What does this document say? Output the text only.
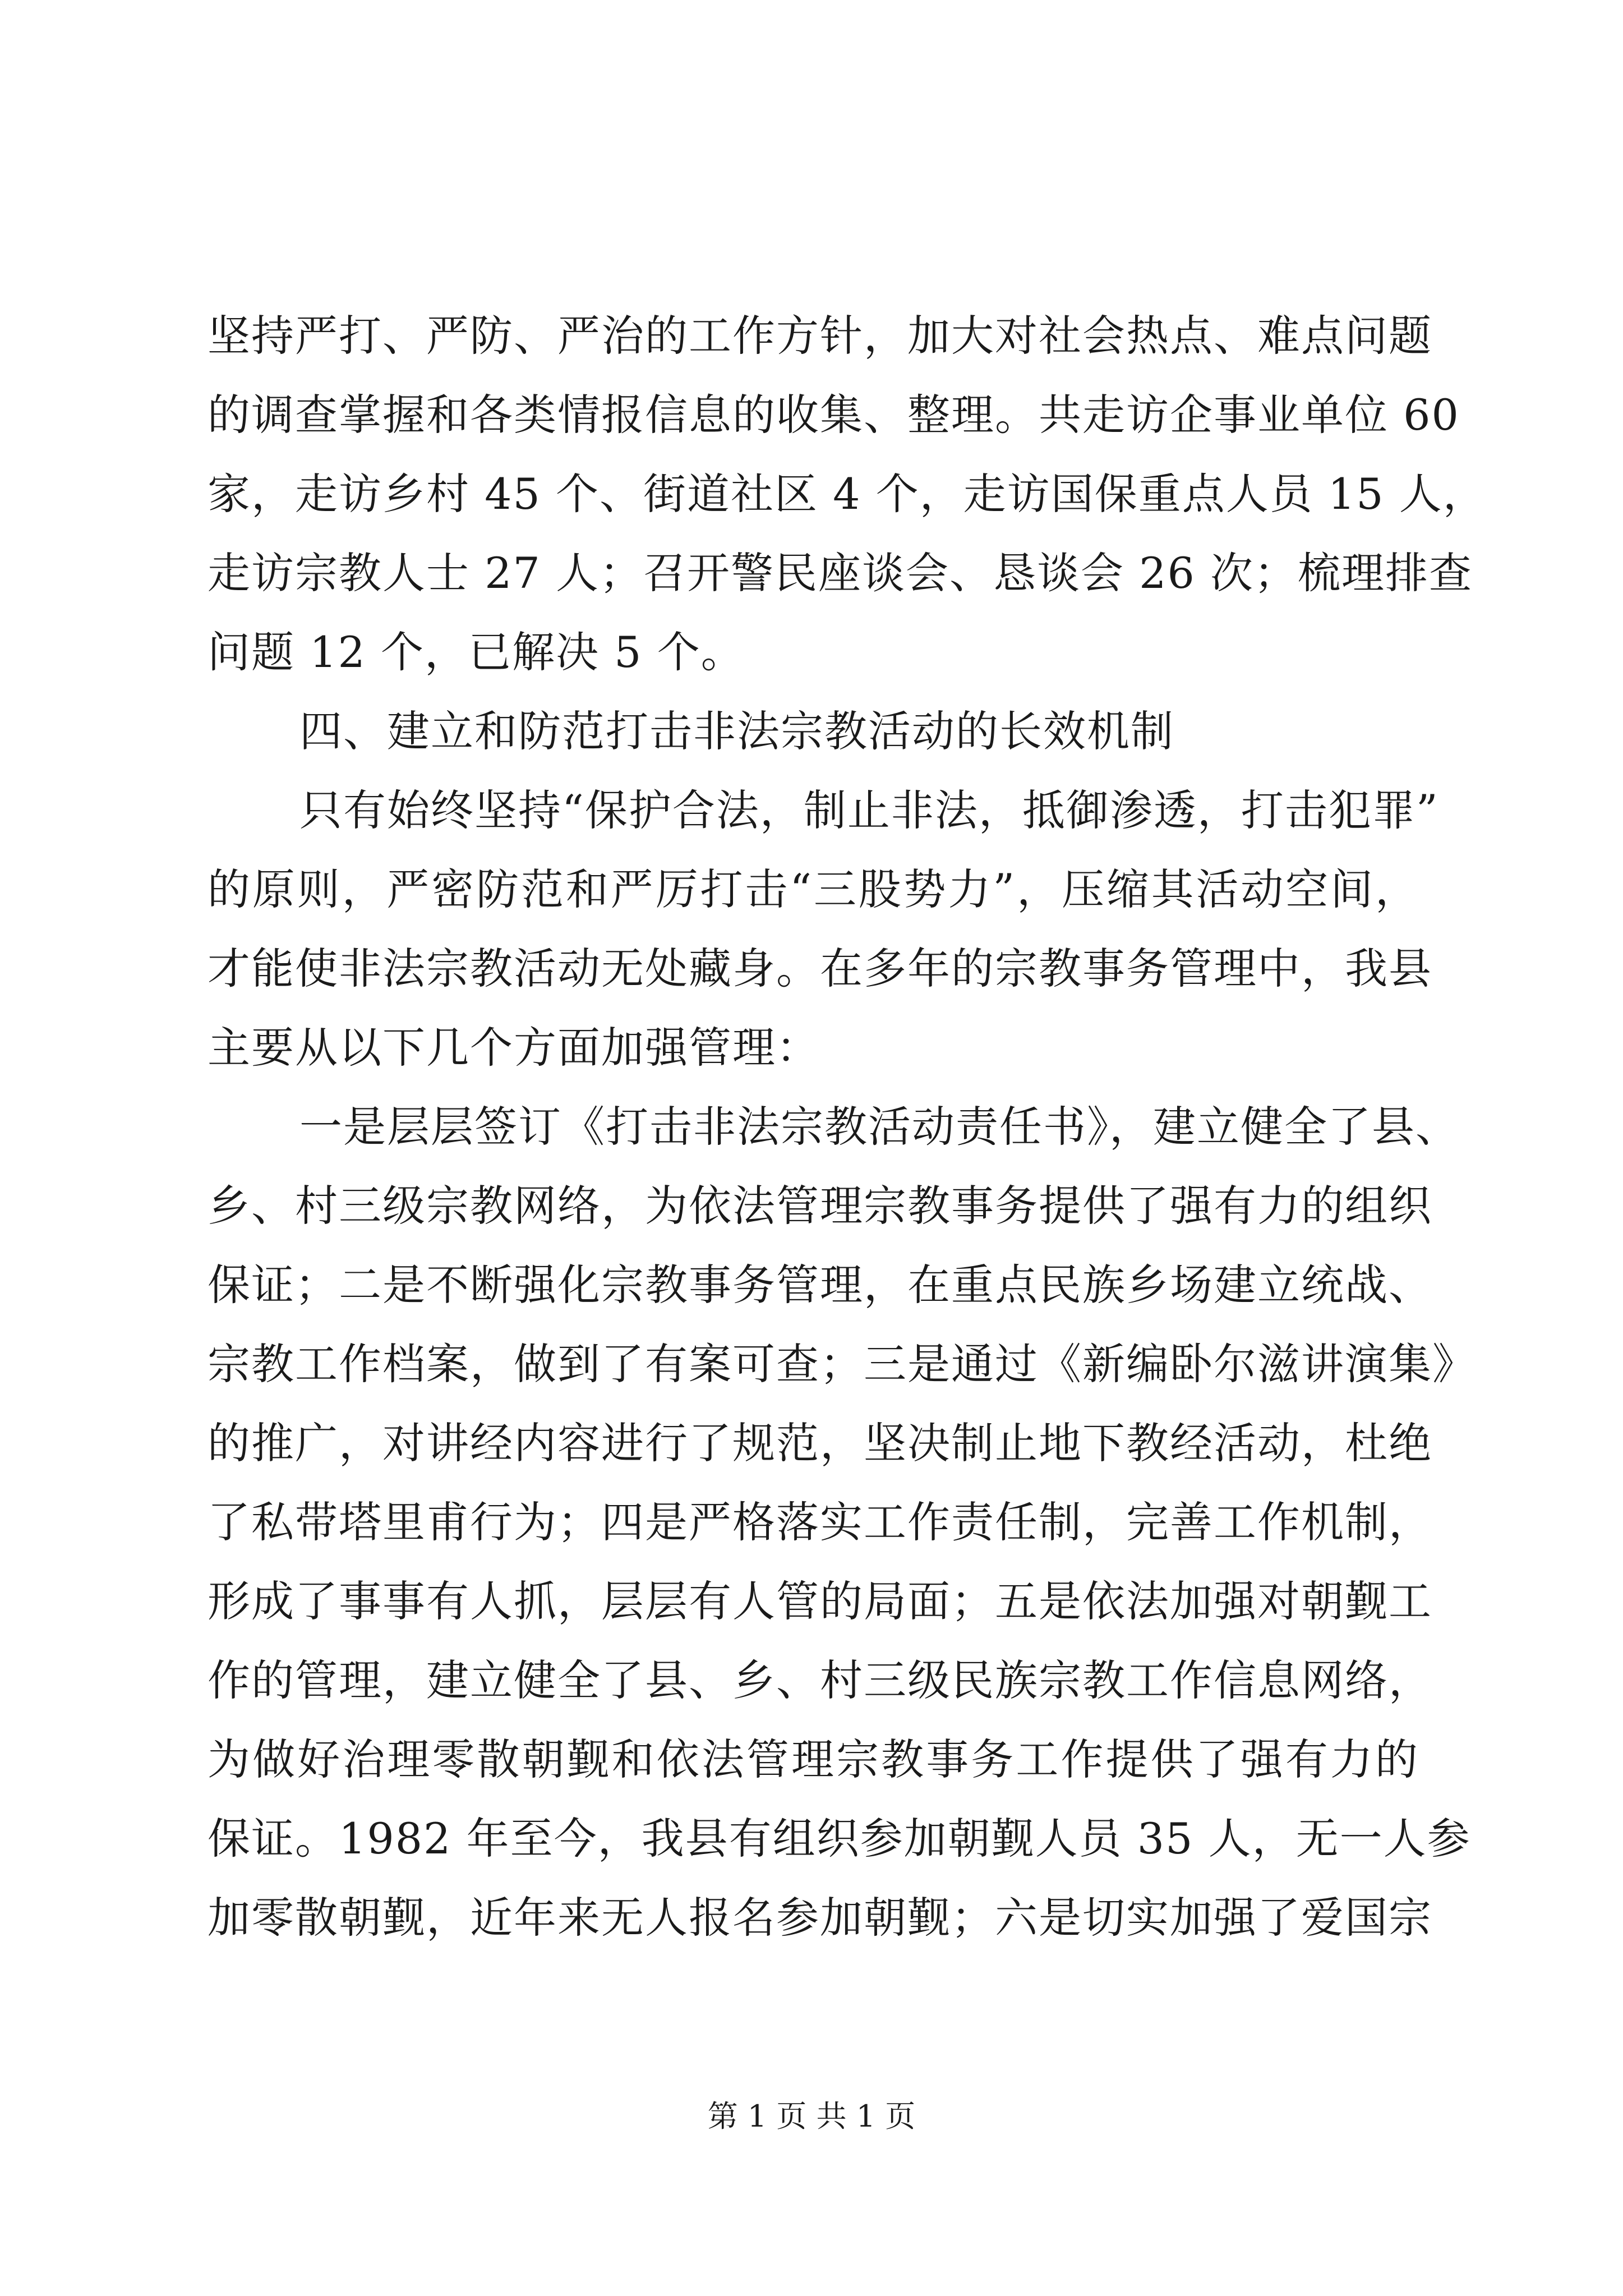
坚持严打、严防、严治的工作方针，加大对社会热点、难点问题
的调查掌握和各类情报信息的收集、整理。共走访企事业单位 60
家，走访乡村 45 个、街道社区 4 个，走访国保重点人员 15 人，
走访宗教人士 27 人；召开警民座谈会、恳谈会 26 次；梳理排查
问题 12 个，已解决 5 个。
四、建立和防范打击非法宗教活动的长效机制
只有始终坚持“保护合法，制止非法，抵御渗透，打击犯罪”
的原则，严密防范和严厉打击“三股势力”，压缩其活动空间，
才能使非法宗教活动无处藏身。在多年的宗教事务管理中，我县
主要从以下几个方面加强管理：
一是层层签订《打击非法宗教活动责任书》，建立健全了县、
乡、村三级宗教网络，为依法管理宗教事务提供了强有力的组织
保证；二是不断强化宗教事务管理，在重点民族乡场建立统战、
宗教工作档案，做到了有案可查；三是通过《新编卧尔滋讲演集》
的推广，对讲经内容进行了规范，坚决制止地下教经活动，杜绝
了私带塔里甫行为；四是严格落实工作责任制，完善工作机制，
形成了事事有人抓，层层有人管的局面；五是依法加强对朝觐工
作的管理，建立健全了县、乡、村三级民族宗教工作信息网络，
为做好治理零散朝觐和依法管理宗教事务工作提供了强有力的
保证。1982 年至今，我县有组织参加朝觐人员 35 人，无一人参
加零散朝觐，近年来无人报名参加朝觐；六是切实加强了爱国宗
第 1 页 共 1 页
